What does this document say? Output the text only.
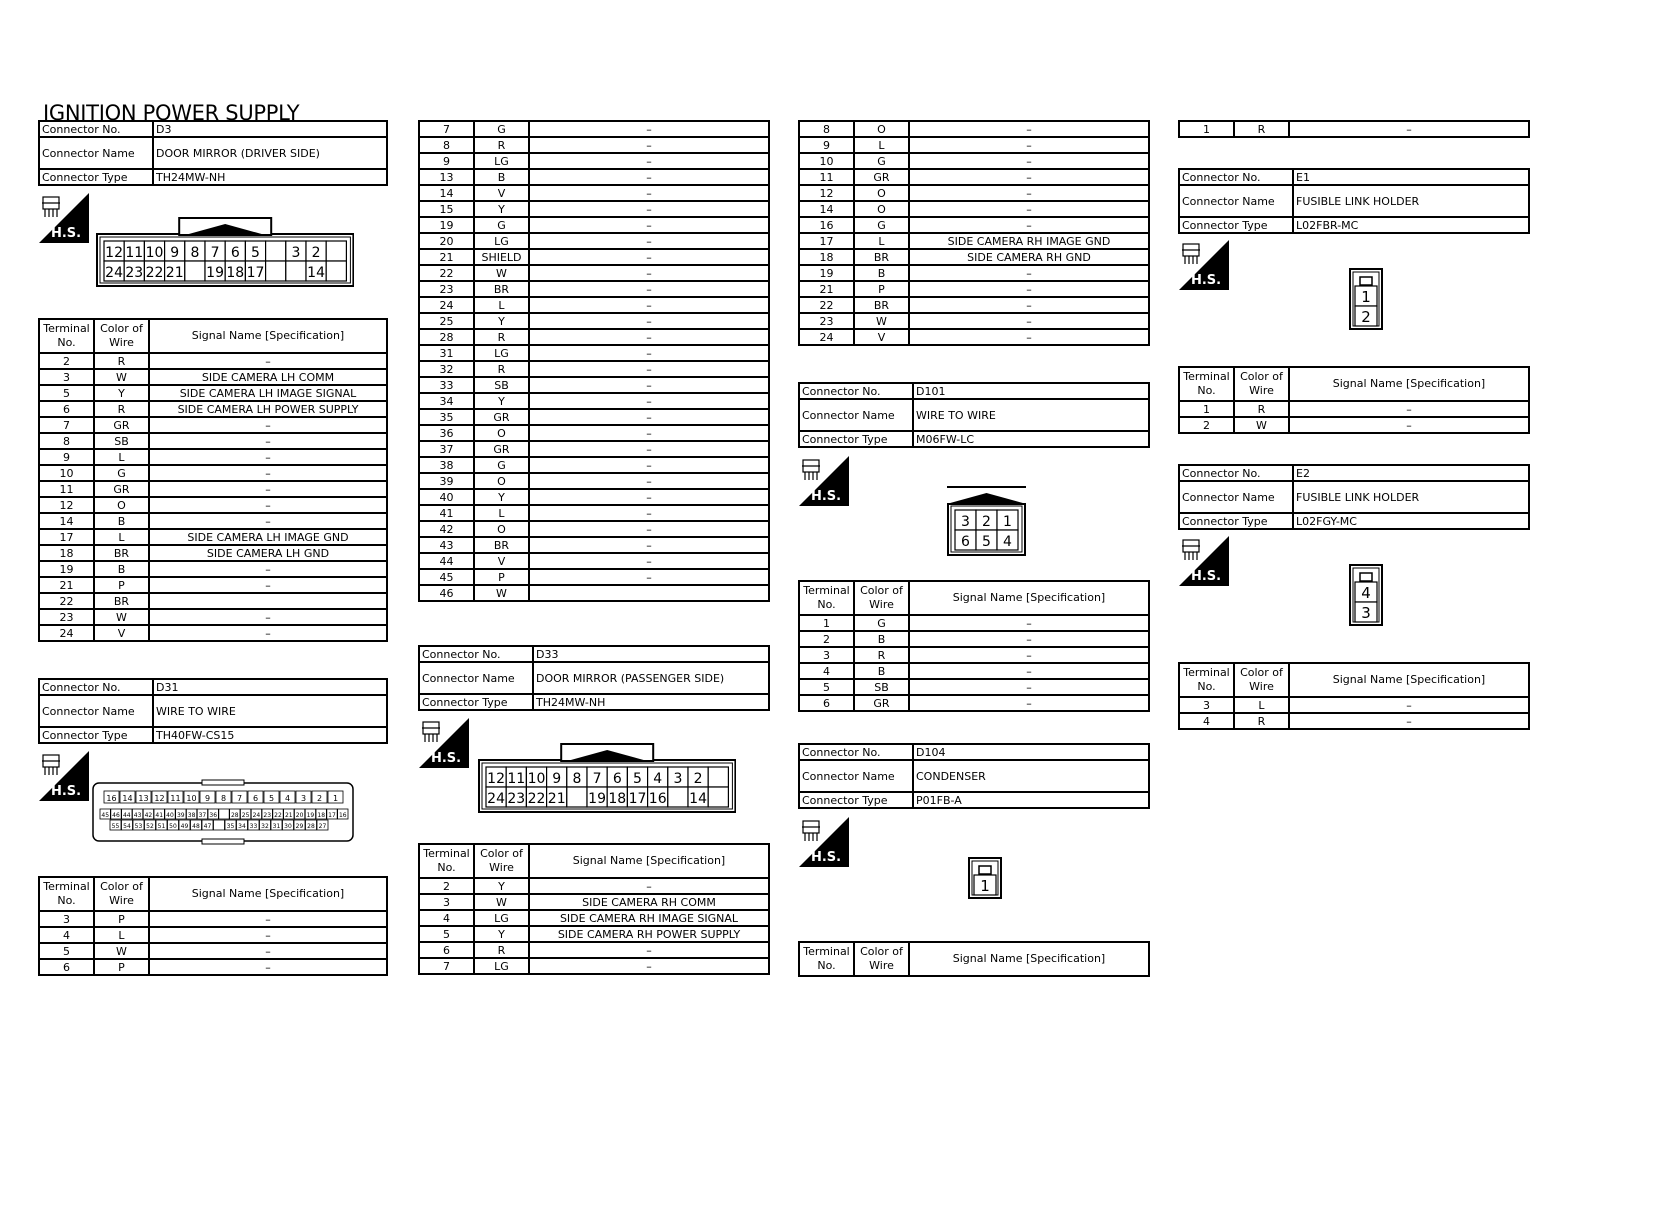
IGNITION POWER SUPPLY
Connector No.	D3
Connector Name	DOOR MIRROR (DRIVER SIDE)
Connector Type	TH24MW-NH
H.S.
12 11 10 9 8 7 6 5 3 2
24 23 22 21 19 18 17	14
Terminal No.	Color of Wire	Signal Name [Specification]
2	R	–
3	W	SIDE CAMERA LH COMM
5	Y	SIDE CAMERA LH IMAGE SIGNAL
6	R	SIDE CAMERA LH POWER SUPPLY
7	GR	–
8	SB	–
9	L	–
10	G	–
11	GR	–
12	O	–
14	B	–
17	L	SIDE CAMERA LH IMAGE GND
18	BR	SIDE CAMERA LH GND
19	B	–
21	P	–
22	BR	
23	W	–
24	V	–
Connector No.	D31
Connector Name	WIRE TO WIRE
Connector Type	TH40FW-CS15
H.S.	16 14 13 12 11 10 9 8 7 6 5 4 3 2 1
45 46 44 43 42 41 40 39 38 37 36 28 25 24 23 22 21 20 19 18 17 16
55 54 53 52 51 50 49 48 47	35 34 33 32 31 30 29 28 27
Terminal No.	Color of Wire	Signal Name [Specification]
3	P	–
4	L	–
5	W	–
6	P	–
7	G	–
8	R	–
9	LG	–
13	B	–
14	V	–
15	Y	–
19	G	–
20	LG	–
21	SHIELD	–
22	W	–
23	BR	–
24	L	–
25	Y	–
28	R	–
31	LG	–
32	R	–
33	SB	–
34	Y	–
35	GR	–
36	O	–
37	GR	–
38	G	–
39	O	–
40	Y	–
41	L	–
42	O	–
43	BR	–
44	V	–
45	P	–
46	W	
Connector No.	D33
Connector Name	DOOR MIRROR (PASSENGER SIDE)
Connector Type	TH24MW-NH
H.S.
12 11 10 9 8 7 6 5 4 3 2
24 23 22 21 19 18 17 16 14
Terminal No.	Color of Wire	Signal Name [Specification]
2	Y	–
3	W	SIDE CAMERA RH COMM
4	LG	SIDE CAMERA RH IMAGE SIGNAL
5	Y	SIDE CAMERA RH POWER SUPPLY
6	R	–
7	LG	–
8	O	–
9	L	–
10	G	–
11	GR	–
12	O	–
14	O	–
16	G	–
17	L	SIDE CAMERA RH IMAGE GND
18	BR	SIDE CAMERA RH GND
19	B	–
21	P	–
22	BR	–
23	W	–
24	V	–
Connector No.	D101
Connector Name	WIRE TO WIRE
Connector Type	M06FW-LC
H.S.
3 2 1
6 5 4
Terminal No.	Color of Wire	Signal Name [Specification]
1	G	–
2	B	–
3	R	–
4	B	–
5	SB	–
6	GR	–
Connector No.	D104
Connector Name	CONDENSER
Connector Type	P01FB-A
H.S.
1
Terminal No.	Color of Wire	Signal Name [Specification]
1	R	–
Connector No.	E1
Connector Name	FUSIBLE LINK HOLDER
Connector Type	L02FBR-MC
H.S.
1
2
Terminal No.	Color of Wire	Signal Name [Specification]
1	R	–
2	W	–
Connector No.	E2
Connector Name	FUSIBLE LINK HOLDER
Connector Type	L02FGY-MC
H.S.
4
3
Terminal No.	Color of Wire	Signal Name [Specification]
3	L	–
4	R	–
